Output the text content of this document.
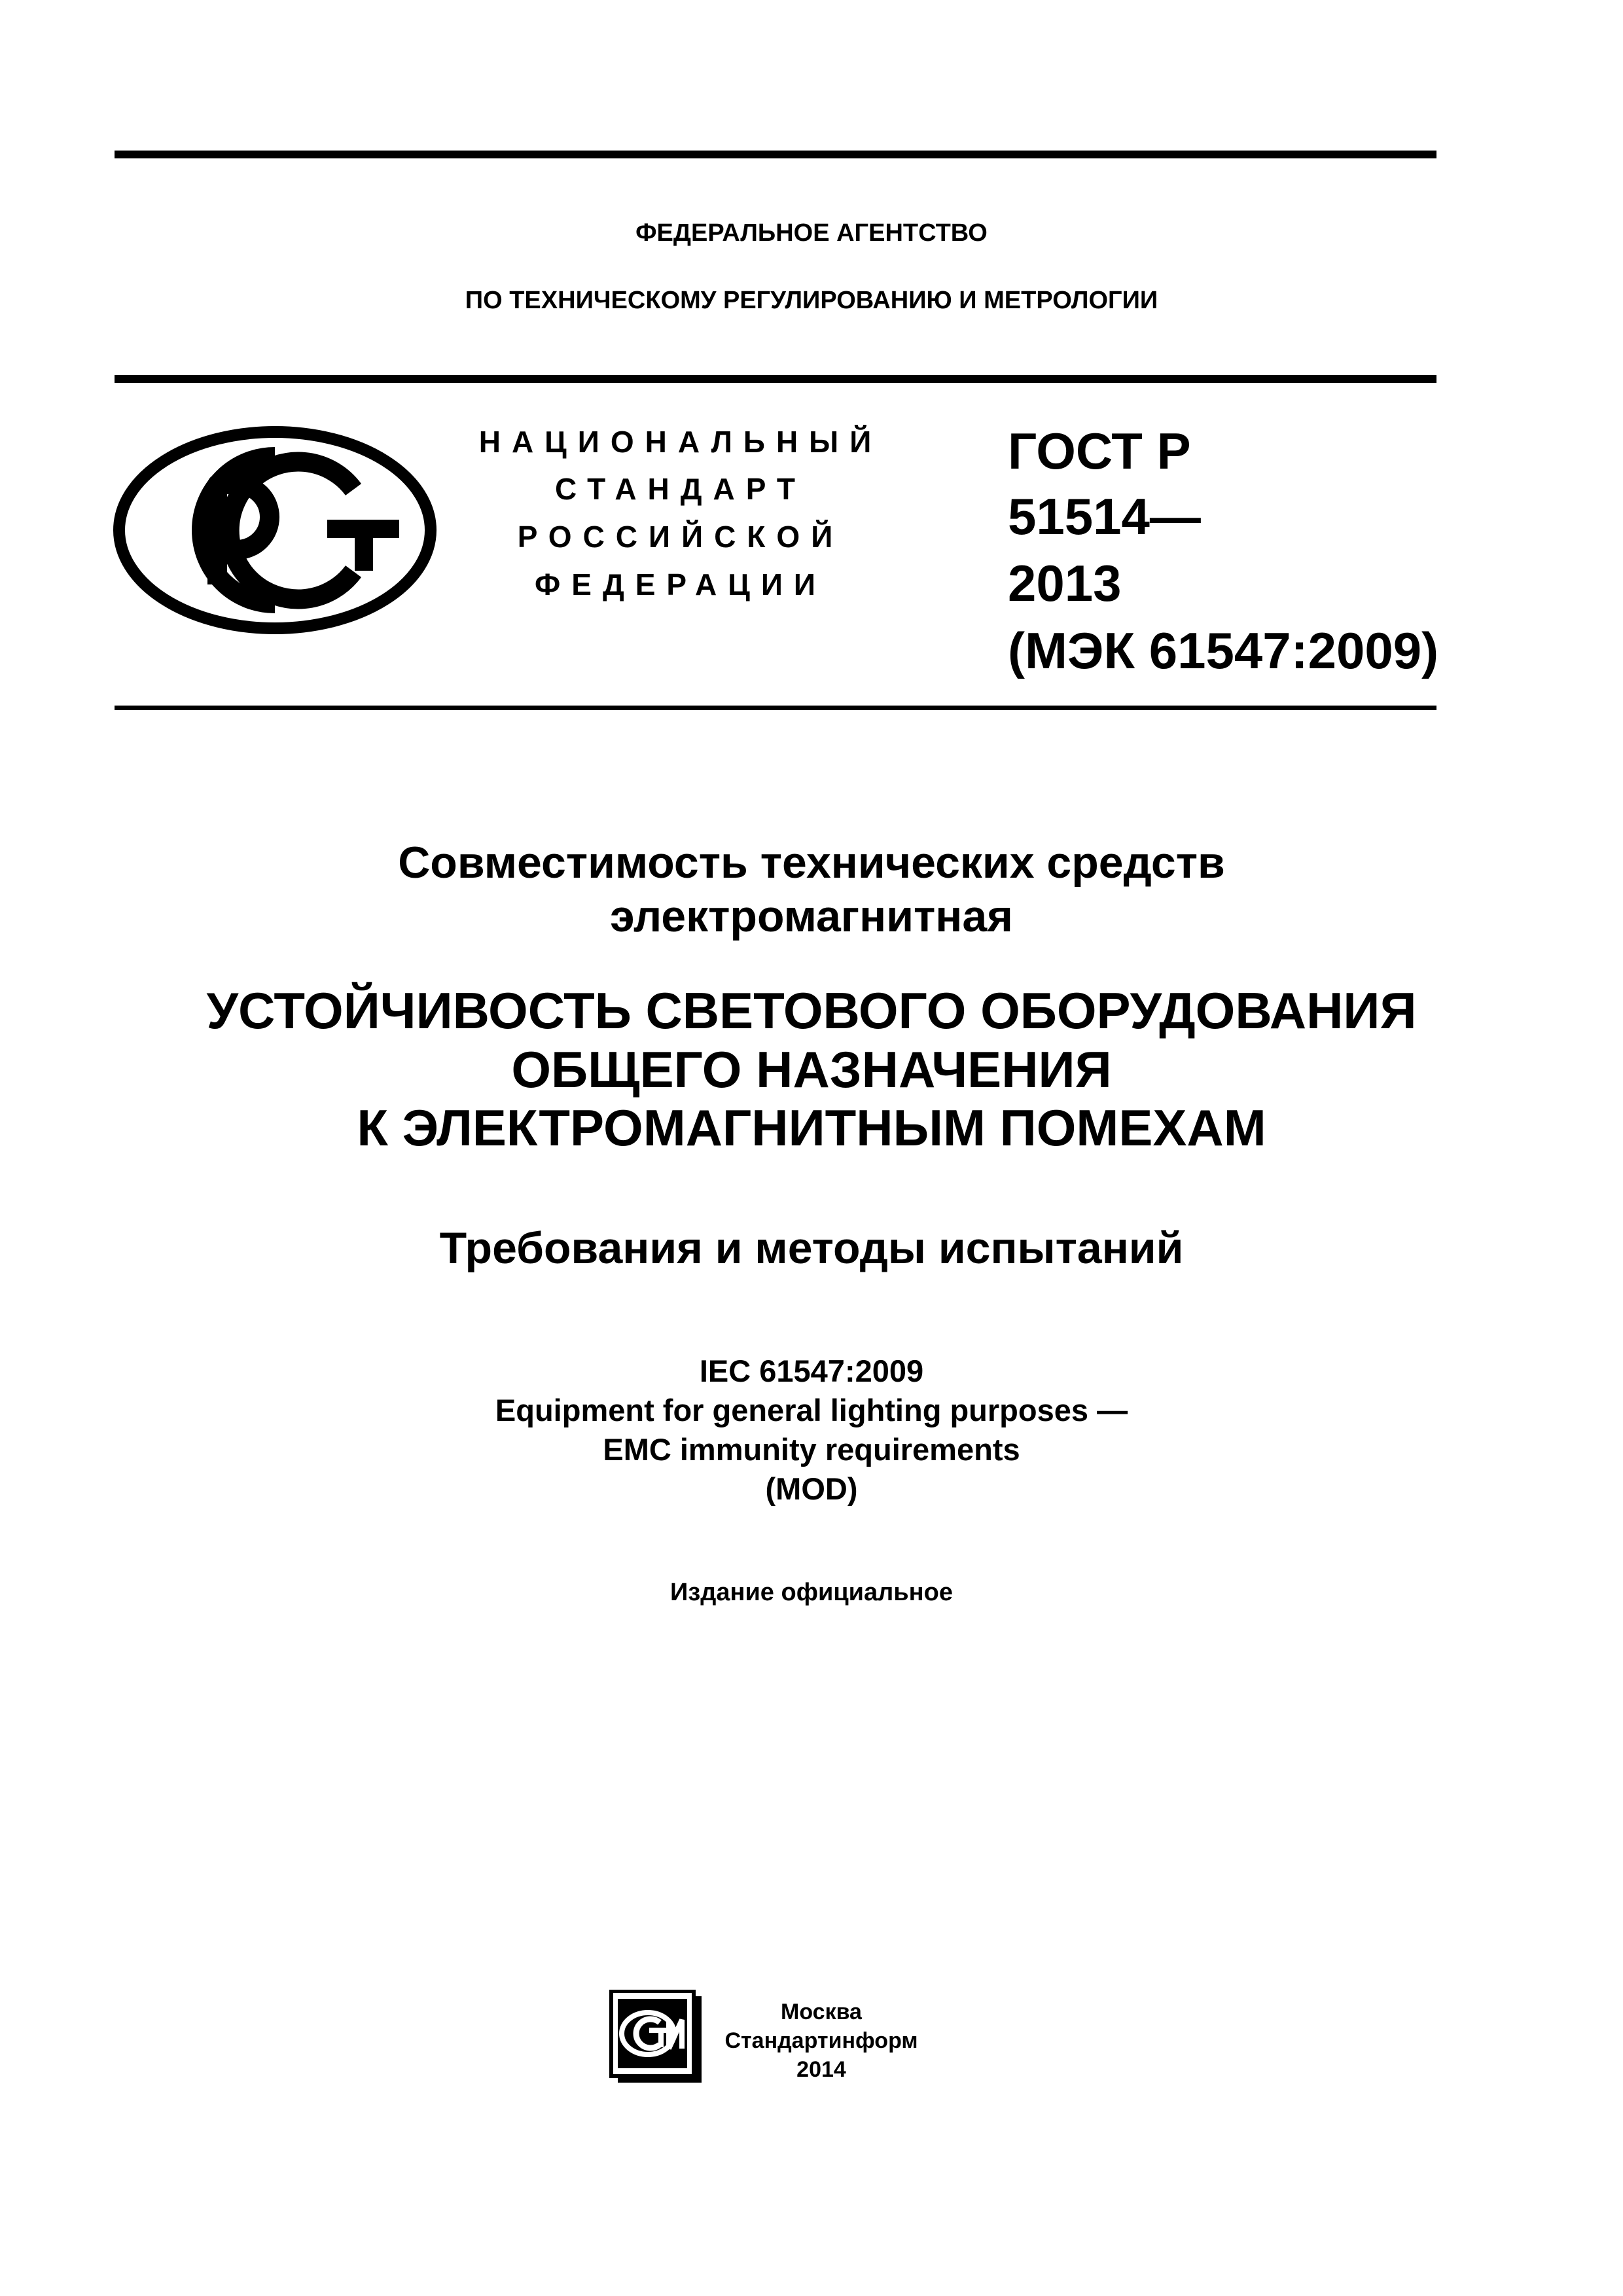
ФЕДЕРАЛЬНОЕ АГЕНТСТВО
ПО ТЕХНИЧЕСКОМУ РЕГУЛИРОВАНИЮ И МЕТРОЛОГИИ
НАЦИОНАЛЬНЫЙ
СТАНДАРТ
РОССИЙСКОЙ
ФЕДЕРАЦИИ
ГОСТ Р
51514—
2013
(МЭК 61547:2009)
Совместимость технических средств
электромагнитная
УСТОЙЧИВОСТЬ СВЕТОВОГО ОБОРУДОВАНИЯ
ОБЩЕГО НАЗНАЧЕНИЯ
К ЭЛЕКТРОМАГНИТНЫМ ПОМЕХАМ
Требования и методы испытаний
IEC 61547:2009
Equipment for general lighting purposes —
EMC immunity requirements
(MOD)
Издание официальное
Москва
Стандартинформ
2014
